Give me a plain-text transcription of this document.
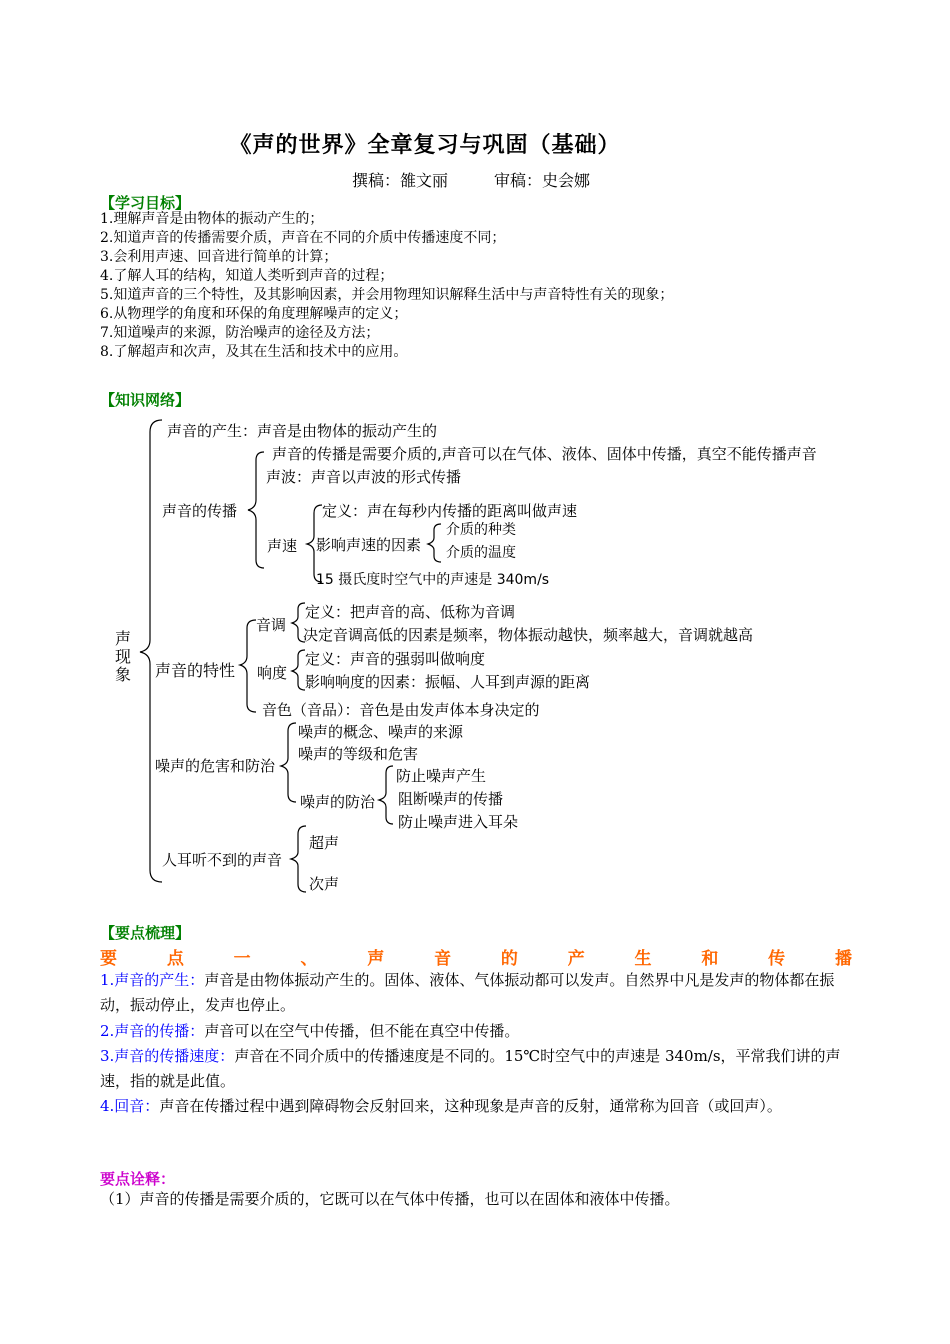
《声的世界》全章复习与巩固（基础）
撰稿：雒文丽	审稿：史会娜
【学习目标】
1.理解声音是由物体的振动产生的；
2.知道声音的传播需要介质，声音在不同的介质中传播速度不同；
3.会利用声速、回音进行简单的计算；
4.了解人耳的结构，知道人类听到声音的过程；
5.知道声音的三个特性，及其影响因素，并会用物理知识解释生活中与声音特性有关的现象；
6.从物理学的角度和环保的角度理解噪声的定义；
7.知道噪声的来源，防治噪声的途径及方法；
8.了解超声和次声，及其在生活和技术中的应用。
【知识网络】
声现象
声音的产生：声音是由物体的振动产生的
声音的传播
声音的传播是需要介质的,声音可以在气体、液体、固体中传播，真空不能传播声音
声波：声音以声波的形式传播
声速
定义：声在每秒内传播的距离叫做声速
影响声速的因素
介质的种类
介质的温度
15 摄氏度时空气中的声速是 340m/s
声音的特性
音调
定义：把声音的高、低称为音调
决定音调高低的因素是频率，物体振动越快，频率越大，音调就越高
响度
定义：声音的强弱叫做响度
影响响度的因素：振幅、人耳到声源的距离
音色（音品）：音色是由发声体本身决定的
噪声的危害和防治
噪声的概念、噪声的来源
噪声的等级和危害
噪声的防治
防止噪声产生
阻断噪声的传播
防止噪声进入耳朵
人耳听不到的声音
超声
次声
【要点梳理】
要	点	一	、	声	音	的	产	生	和	传	播
1.声音的产生：声音是由物体振动产生的。固体、液体、气体振动都可以发声。自然界中凡是发声的物体都在振动，振动停止，发声也停止。
2.声音的传播：声音可以在空气中传播，但不能在真空中传播。
3.声音的传播速度：声音在不同介质中的传播速度是不同的。15℃时空气中的声速是 340m/s，平常我们讲的声速，指的就是此值。
4.回音：声音在传播过程中遇到障碍物会反射回来，这种现象是声音的反射，通常称为回音（或回声）。
要点诠释：
（1）声音的传播是需要介质的，它既可以在气体中传播，也可以在固体和液体中传播。
